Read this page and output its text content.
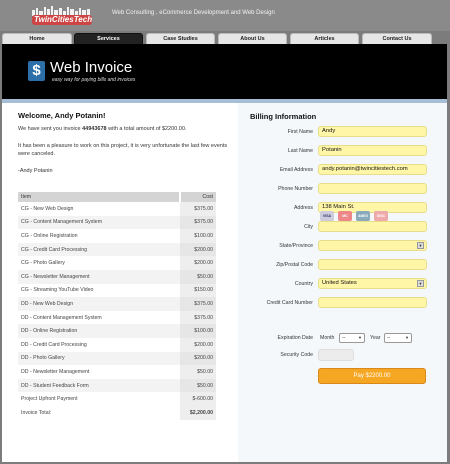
TwinCitiesTech
Web Consulting , eCommerce Development and Web Design
Home	Services	Case Studies	About Us	Articles	Contact Us
$ Web Invoice
easy way for paying bills and invoices
Welcome, Andy Potanin!
We have sent you invoice 44943678 with a total amount of $2200.00.
It has been a pleasure to work on this project, it is very unfortunate the last few events were canceled.
-Andy Potanin
Item	Cost
CG - New Web Design	$375.00
CG - Content Management System	$375.00
CG - Online Registration	$100.00
CG - Credit Card Processing	$200.00
CG - Photo Gallery	$200.00
CG - Newsletter Management	$50.00
CG - Streaming YouTube Video	$150.00
DD - New Web Design	$375.00
DD - Content Management System	$375.00
DD - Online Registration	$100.00
DD - Credit Card Processing	$200.00
DD - Photo Gallery	$200.00
DD - Newsletter Management	$50.00
DD - Student Feedback Form	$50.00
Project Upfront Payment	$-600.00
Invoice Total:	$2,200.00
Billing Information
First Name	Andy
Last Name	Potanin
Email Address	andy.potanin@twincitiestech.com
Phone Number
Address	138 Main St.
City
State/Province	▼
Zip/Postal Code
Country	United States	▼
Credit Card Number
VISA	MC	AMEX	DISC
Expiration Date Month	--	▼ Year	--	▼
Security Code
Pay $2200.00
